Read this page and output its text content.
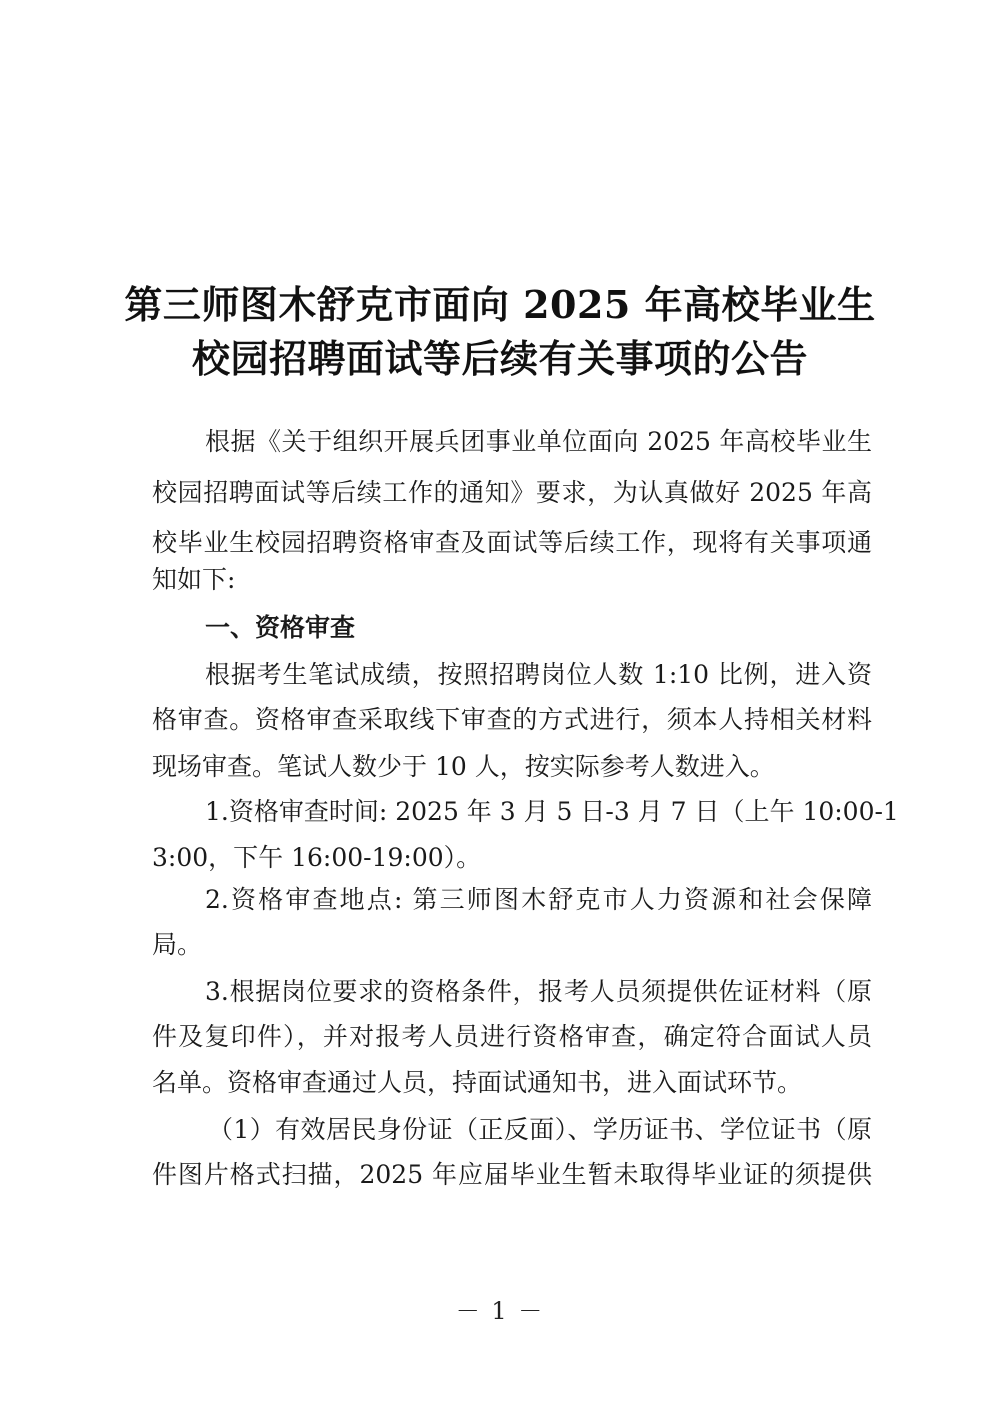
第三师图木舒克市面向 2025 年高校毕业生
校园招聘面试等后续有关事项的公告
根据《关于组织开展兵团事业单位面向 2025 年高校毕业生
校园招聘面试等后续工作的通知》要求，为认真做好 2025 年高
校毕业生校园招聘资格审查及面试等后续工作，现将有关事项通
知如下:
一、资格审查
根据考生笔试成绩，按照招聘岗位人数 1:10 比例，进入资
格审查。资格审查采取线下审查的方式进行，须本人持相关材料
现场审查。笔试人数少于 10 人，按实际参考人数进入。
1.资格审查时间: 2025 年 3 月 5 日-3 月 7 日（上午 10:00-1
3:00，下午 16:00-19:00）。
2.资格审查地点: 第三师图木舒克市人力资源和社会保障
局。
3.根据岗位要求的资格条件，报考人员须提供佐证材料（原
件及复印件），并对报考人员进行资格审查，确定符合面试人员
名单。资格审查通过人员，持面试通知书，进入面试环节。
（1）有效居民身份证（正反面）、学历证书、学位证书（原
件图片格式扫描，2025 年应届毕业生暂未取得毕业证的须提供
－ 1 －
